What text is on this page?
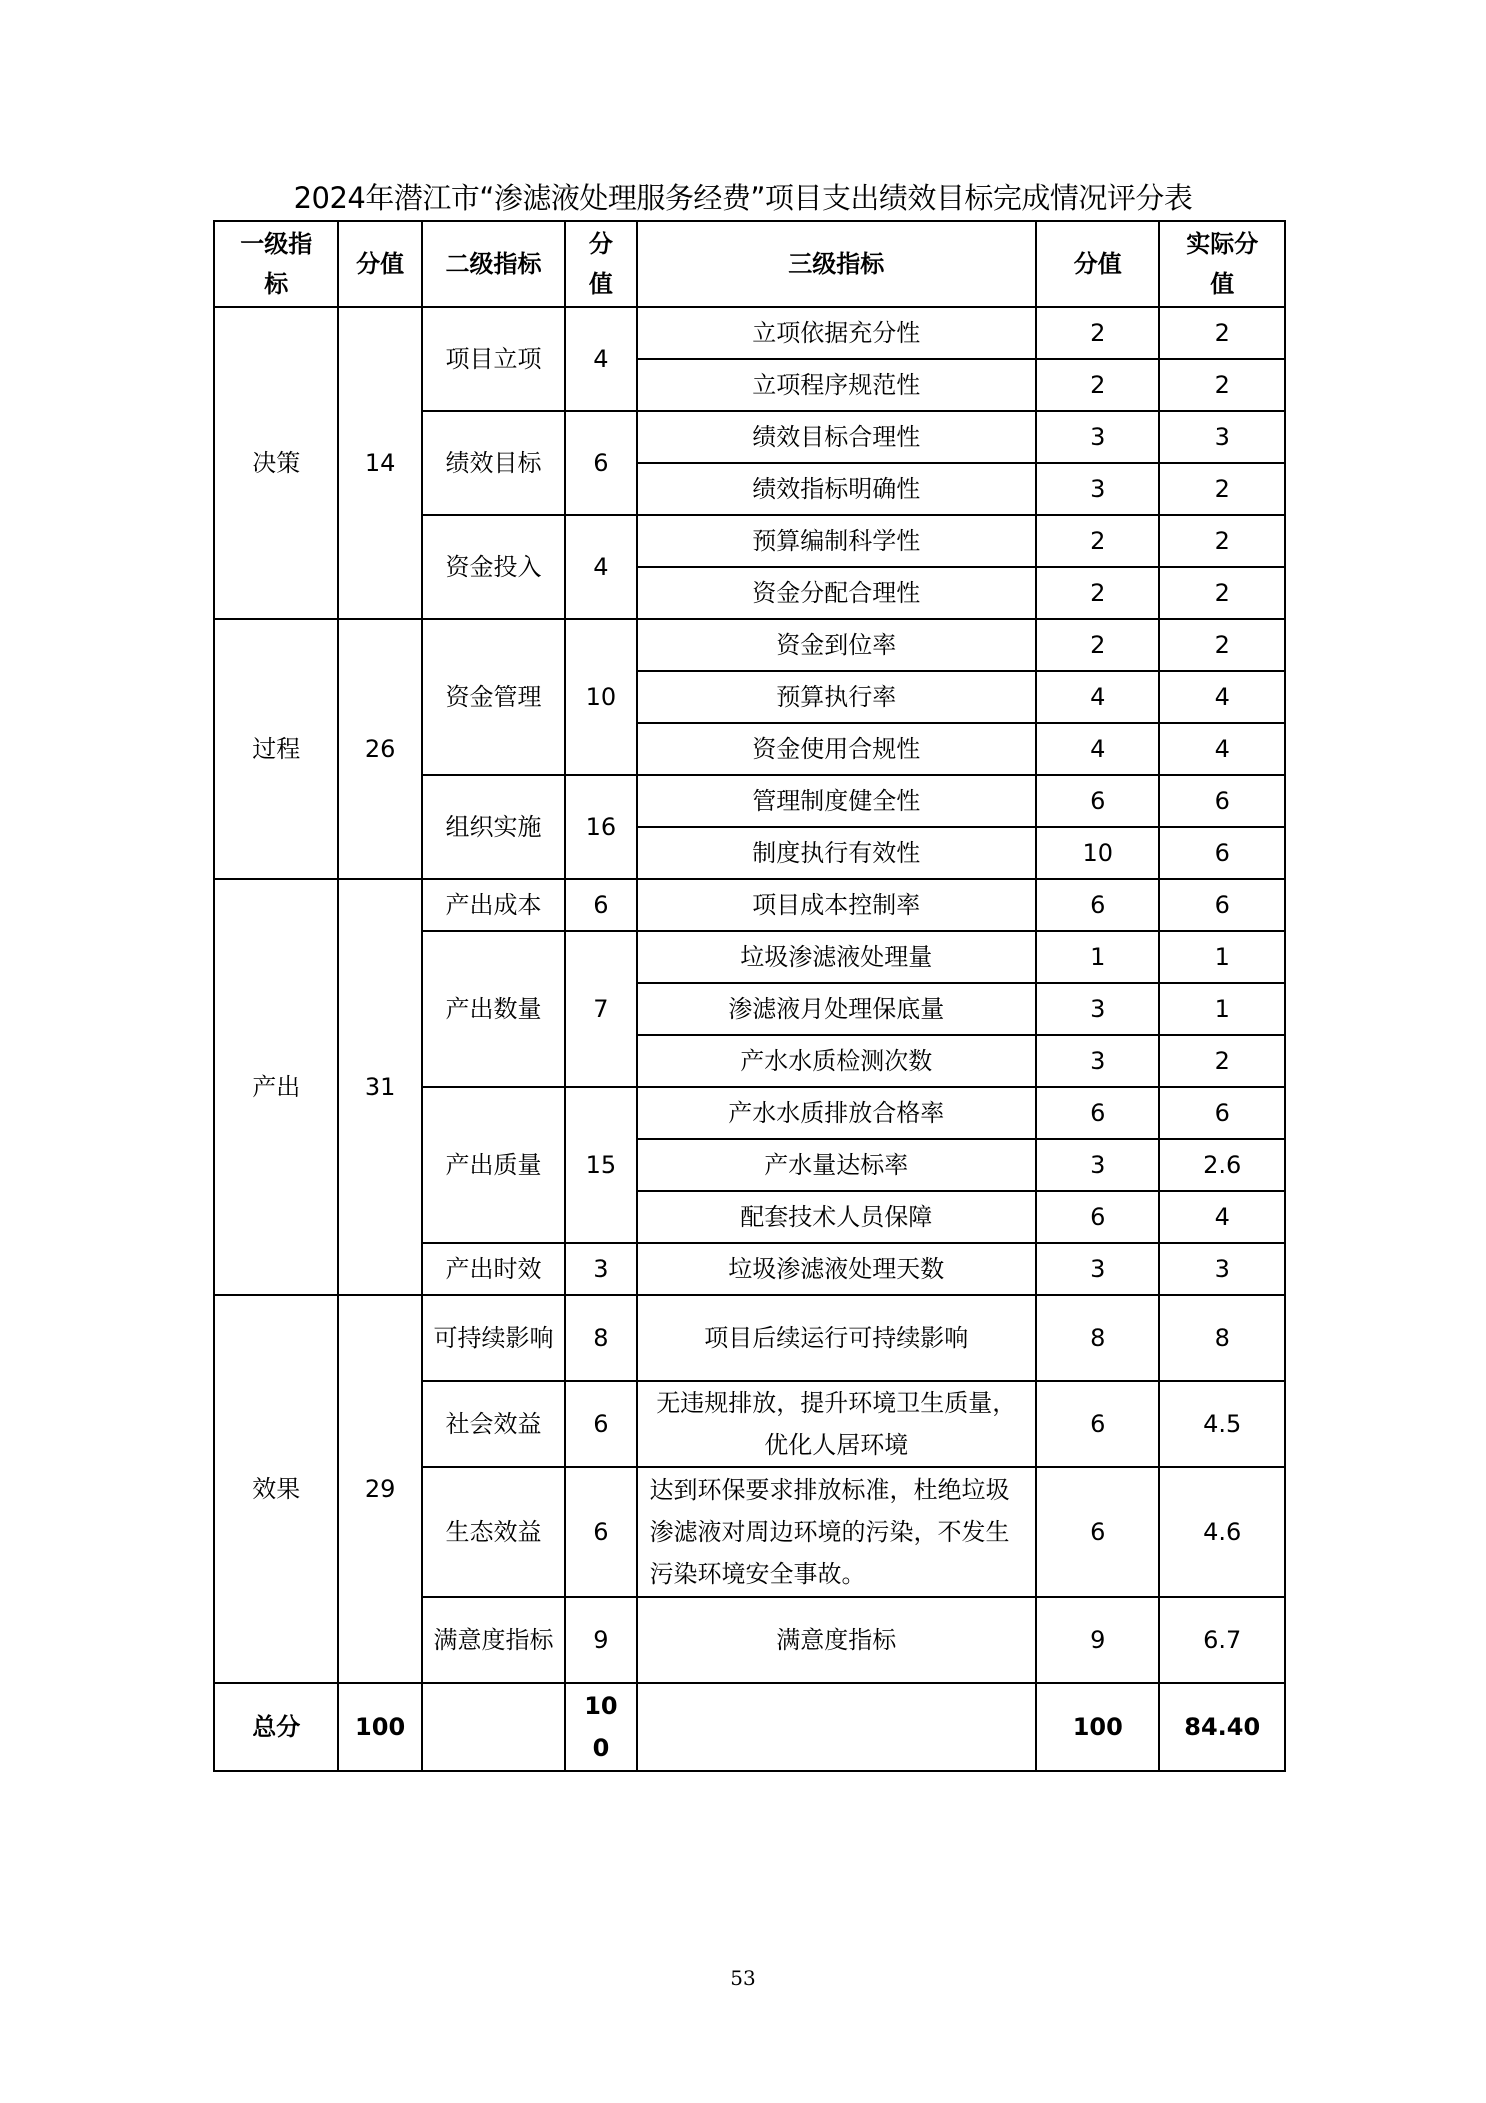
2024年潜江市“渗滤液处理服务经费”项目支出绩效目标完成情况评分表
一级指标	分值	二级指标	分值	三级指标	分值	实际分值
决策	14	项目立项	4	立项依据充分性	2	2
				立项程序规范性	2	2
		绩效目标	6	绩效目标合理性	3	3
				绩效指标明确性	3	2
		资金投入	4	预算编制科学性	2	2
				资金分配合理性	2	2
过程	26	资金管理	10	资金到位率	2	2
				预算执行率	4	4
				资金使用合规性	4	4
		组织实施	16	管理制度健全性	6	6
				制度执行有效性	10	6
产出	31	产出成本	6	项目成本控制率	6	6
		产出数量	7	垃圾渗滤液处理量	1	1
				渗滤液月处理保底量	3	1
				产水水质检测次数	3	2
		产出质量	15	产水水质排放合格率	6	6
				产水量达标率	3	2.6
				配套技术人员保障	6	4
		产出时效	3	垃圾渗滤液处理天数	3	3
效果	29	可持续影响	8	项目后续运行可持续影响	8	8
		社会效益	6	无违规排放，提升环境卫生质量，优化人居环境	6	4.5
		生态效益	6	达到环保要求排放标准，杜绝垃圾渗滤液对周边环境的污染，不发生污染环境安全事故。	6	4.6
		满意度指标	9	满意度指标	9	6.7
总分	100		100		100	84.40
53
